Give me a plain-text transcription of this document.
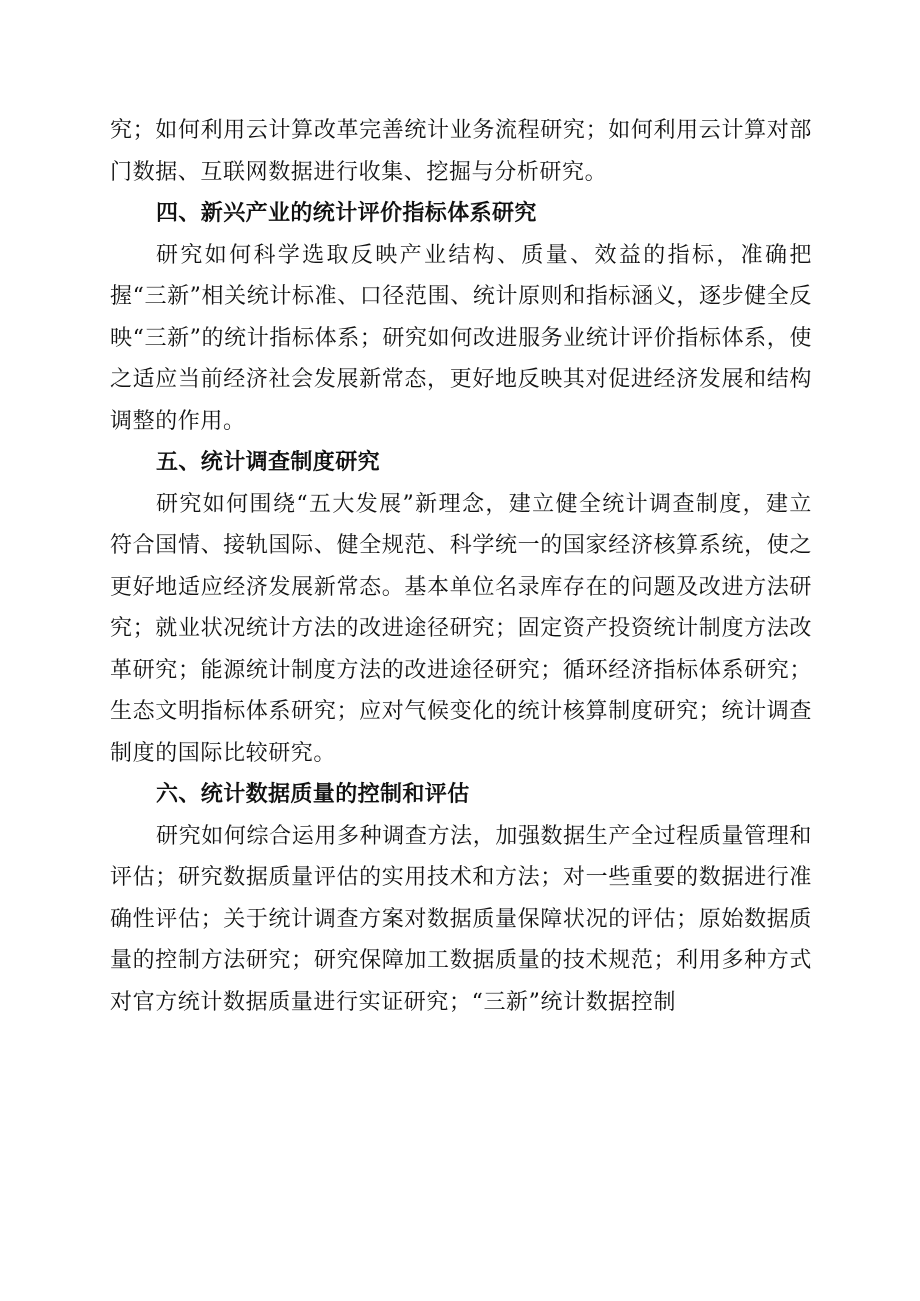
究；如何利用云计算改革完善统计业务流程研究；如何利用云计算对部门数据、互联网数据进行收集、挖掘与分析研究。

四、新兴产业的统计评价指标体系研究

研究如何科学选取反映产业结构、质量、效益的指标，准确把握“三新”相关统计标准、口径范围、统计原则和指标涵义，逐步健全反映“三新”的统计指标体系；研究如何改进服务业统计评价指标体系，使之适应当前经济社会发展新常态，更好地反映其对促进经济发展和结构调整的作用。

五、统计调查制度研究

研究如何围绕“五大发展”新理念，建立健全统计调查制度，建立符合国情、接轨国际、健全规范、科学统一的国家经济核算系统，使之更好地适应经济发展新常态。基本单位名录库存在的问题及改进方法研究；就业状况统计方法的改进途径研究；固定资产投资统计制度方法改革研究；能源统计制度方法的改进途径研究；循环经济指标体系研究；生态文明指标体系研究；应对气候变化的统计核算制度研究；统计调查制度的国际比较研究。

六、统计数据质量的控制和评估

研究如何综合运用多种调查方法，加强数据生产全过程质量管理和评估；研究数据质量评估的实用技术和方法；对一些重要的数据进行准确性评估；关于统计调查方案对数据质量保障状况的评估；原始数据质量的控制方法研究；研究保障加工数据质量的技术规范；利用多种方式对官方统计数据质量进行实证研究；“三新”统计数据控制
